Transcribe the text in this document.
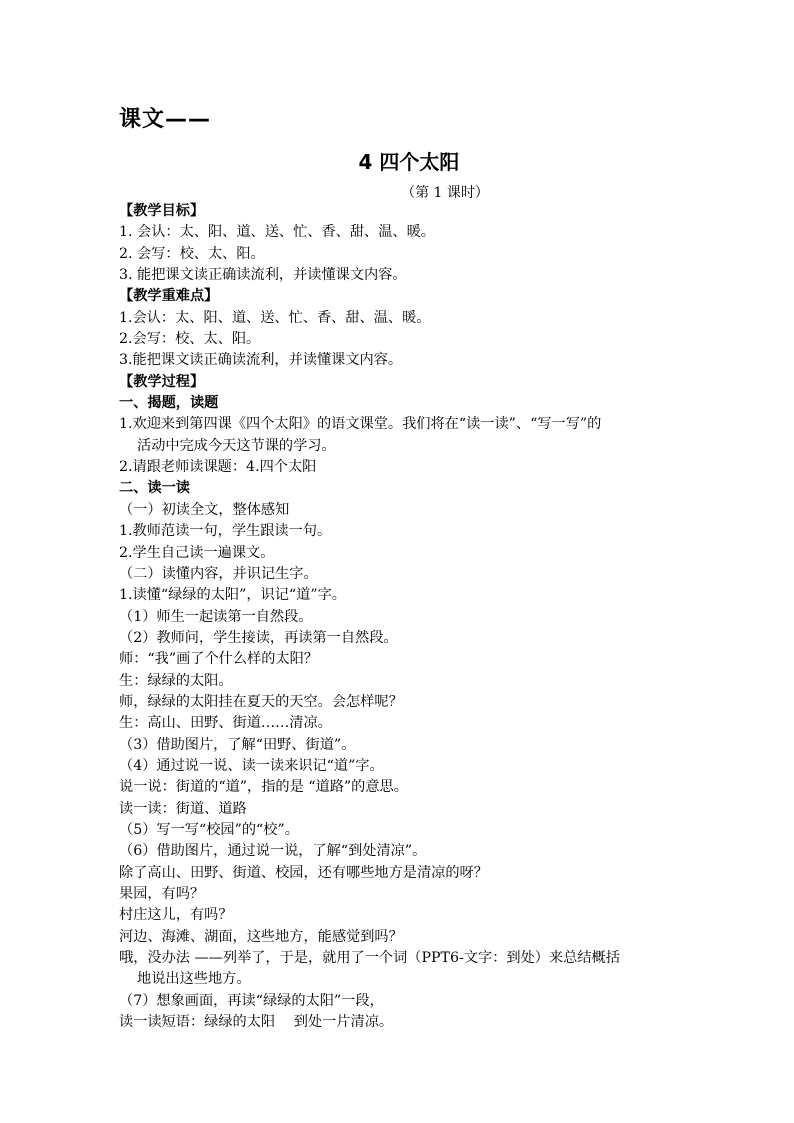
课文——
4 四个太阳
（第 1 课时）
【教学目标】
1. 会认：太、阳、道、送、忙、香、甜、温、暖。
2. 会写：校、太、阳。
3. 能把课文读正确读流利，并读懂课文内容。
【教学重难点】
1.会认：太、阳、道、送、忙、香、甜、温、暖。
2.会写：校、太、阳。
3.能把课文读正确读流利，并读懂课文内容。
【教学过程】
一、揭题，读题
1.欢迎来到第四课《四个太阳》的语文课堂。我们将在“读一读”、“写一写”的
活动中完成今天这节课的学习。
2.请跟老师读课题：4.四个太阳
二、读一读
（一）初读全文，整体感知
1.教师范读一句，学生跟读一句。
2.学生自己读一遍课文。
（二）读懂内容，并识记生字。
1.读懂“绿绿的太阳”，识记“道”字。
（1）师生一起读第一自然段。
（2）教师问，学生接读，再读第一自然段。
师：“我”画了个什么样的太阳？
生：绿绿的太阳。
师，绿绿的太阳挂在夏天的天空。会怎样呢？
生：高山、田野、街道……清凉。
（3）借助图片，了解“田野、街道”。
（4）通过说一说、读一读来识记“道”字。
说一说：街道的“道”，指的是 “道路”的意思。
读一读：街道、道路
（5）写一写“校园”的“校”。
（6）借助图片，通过说一说，了解“到处清凉”。
除了高山、田野、街道、校园，还有哪些地方是清凉的呀？
果园，有吗？
村庄这儿，有吗？
河边、海滩、湖面，这些地方，能感觉到吗？
哦，没办法 ——列举了，于是，就用了一个词（PPT6-文字：到处）来总结概括
地说出这些地方。
（7）想象画面，再读“绿绿的太阳”一段，
读一读短语：绿绿的太阳　 到处一片清凉。
